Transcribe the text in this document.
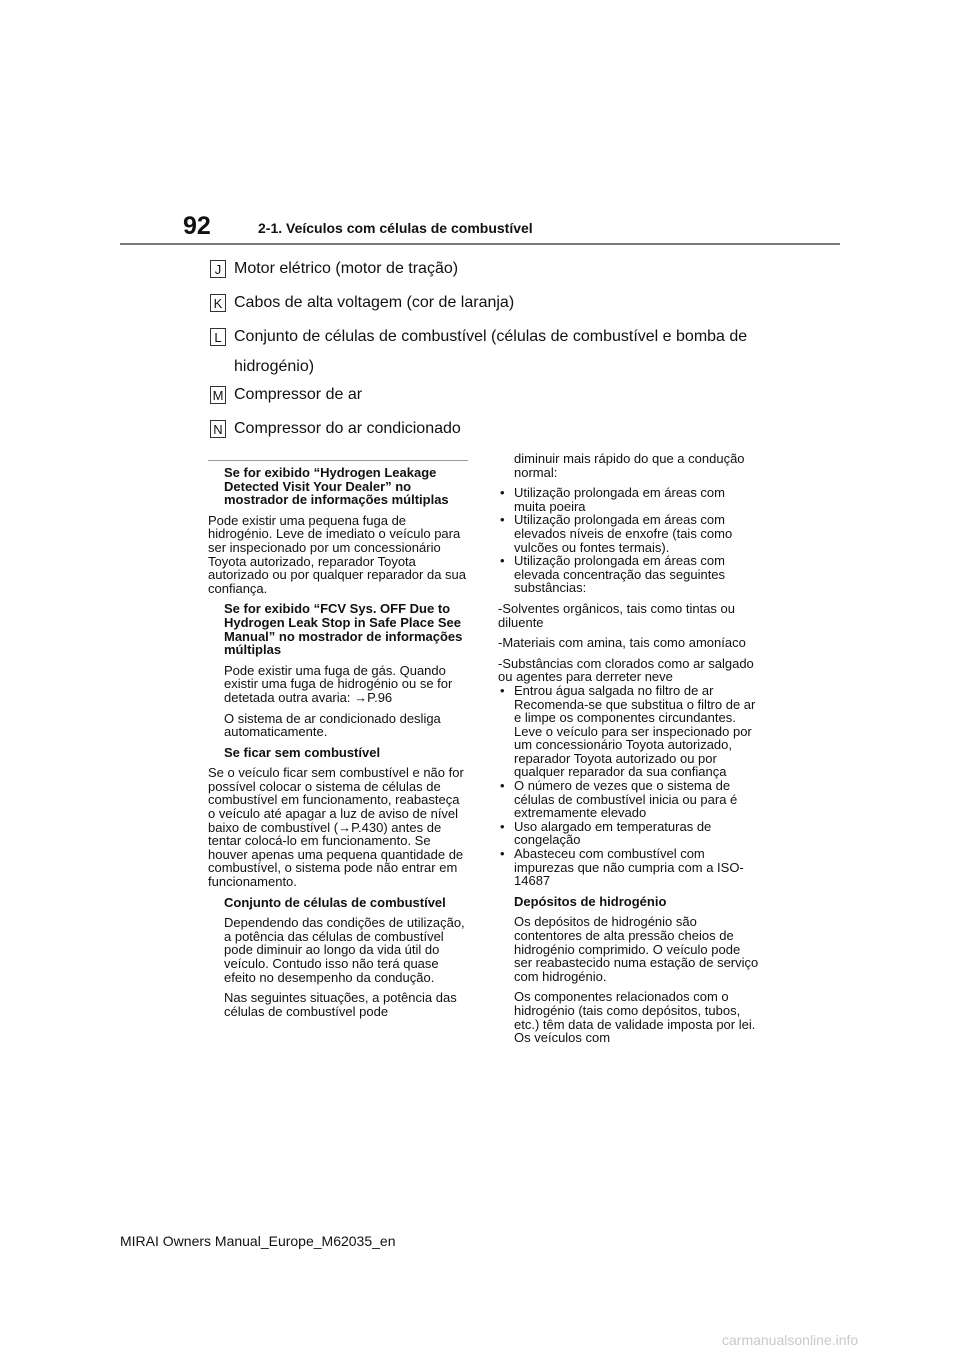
92	2-1. Veículos com células de combustível
J Motor elétrico (motor de tração)
K Cabos de alta voltagem (cor de laranja)
L Conjunto de células de combustível (células de combustível e bomba de hidrogénio)
M Compressor de ar
N Compressor do ar condicionado

Se for exibido “Hydrogen Leakage Detected Visit Your Dealer” no mostrador de informações múltiplas

Pode existir uma pequena fuga de hidrogénio. Leve de imediato o veículo para ser inspecionado por um concessionário Toyota autorizado, reparador Toyota autorizado ou por qualquer reparador da sua confiança.

Se for exibido “FCV Sys. OFF Due to Hydrogen Leak Stop in Safe Place See Manual” no mostrador de informações múltiplas

Pode existir uma fuga de gás. Quando existir uma fuga de hidrogénio ou se for detetada outra avaria: →P.96

O sistema de ar condicionado desliga automaticamente.

Se ficar sem combustível

Se o veículo ficar sem combustível e não for possível colocar o sistema de células de combustível em funcionamento, reabasteça o veículo até apagar a luz de aviso de nível baixo de combustível (→P.430) antes de tentar colocá-lo em funcionamento. Se houver apenas uma pequena quantidade de combustível, o sistema pode não entrar em funcionamento.

Conjunto de células de combustível

Dependendo das condições de utilização, a potência das células de combustível pode diminuir ao longo da vida útil do veículo. Contudo isso não terá quase efeito no desempenho da condução.

Nas seguintes situações, a potência das células de combustível pode

diminuir mais rápido do que a condução normal:

• Utilização prolongada em áreas com muita poeira
• Utilização prolongada em áreas com elevados níveis de enxofre (tais como vulcões ou fontes termais).
• Utilização prolongada em áreas com elevada concentração das seguintes substâncias:

-Solventes orgânicos, tais como tintas ou diluente

-Materiais com amina, tais como amoníaco

-Substâncias com clorados como ar salgado ou agentes para derreter neve

• Entrou água salgada no filtro de ar Recomenda-se que substitua o filtro de ar e limpe os componentes circundantes. Leve o veículo para ser inspecionado por um concessionário Toyota autorizado, reparador Toyota autorizado ou por qualquer reparador da sua confiança
• O número de vezes que o sistema de células de combustível inicia ou para é extremamente elevado
• Uso alargado em temperaturas de congelação
• Abasteceu com combustível com impurezas que não cumpria com a ISO-14687

Depósitos de hidrogénio

Os depósitos de hidrogénio são contentores de alta pressão cheios de hidrogénio comprimido. O veículo pode ser reabastecido numa estação de serviço com hidrogénio.

Os componentes relacionados com o hidrogénio (tais como depósitos, tubos, etc.) têm data de validade imposta por lei. Os veículos com

MIRAI Owners Manual_Europe_M62035_en
carmanualsonline.info
